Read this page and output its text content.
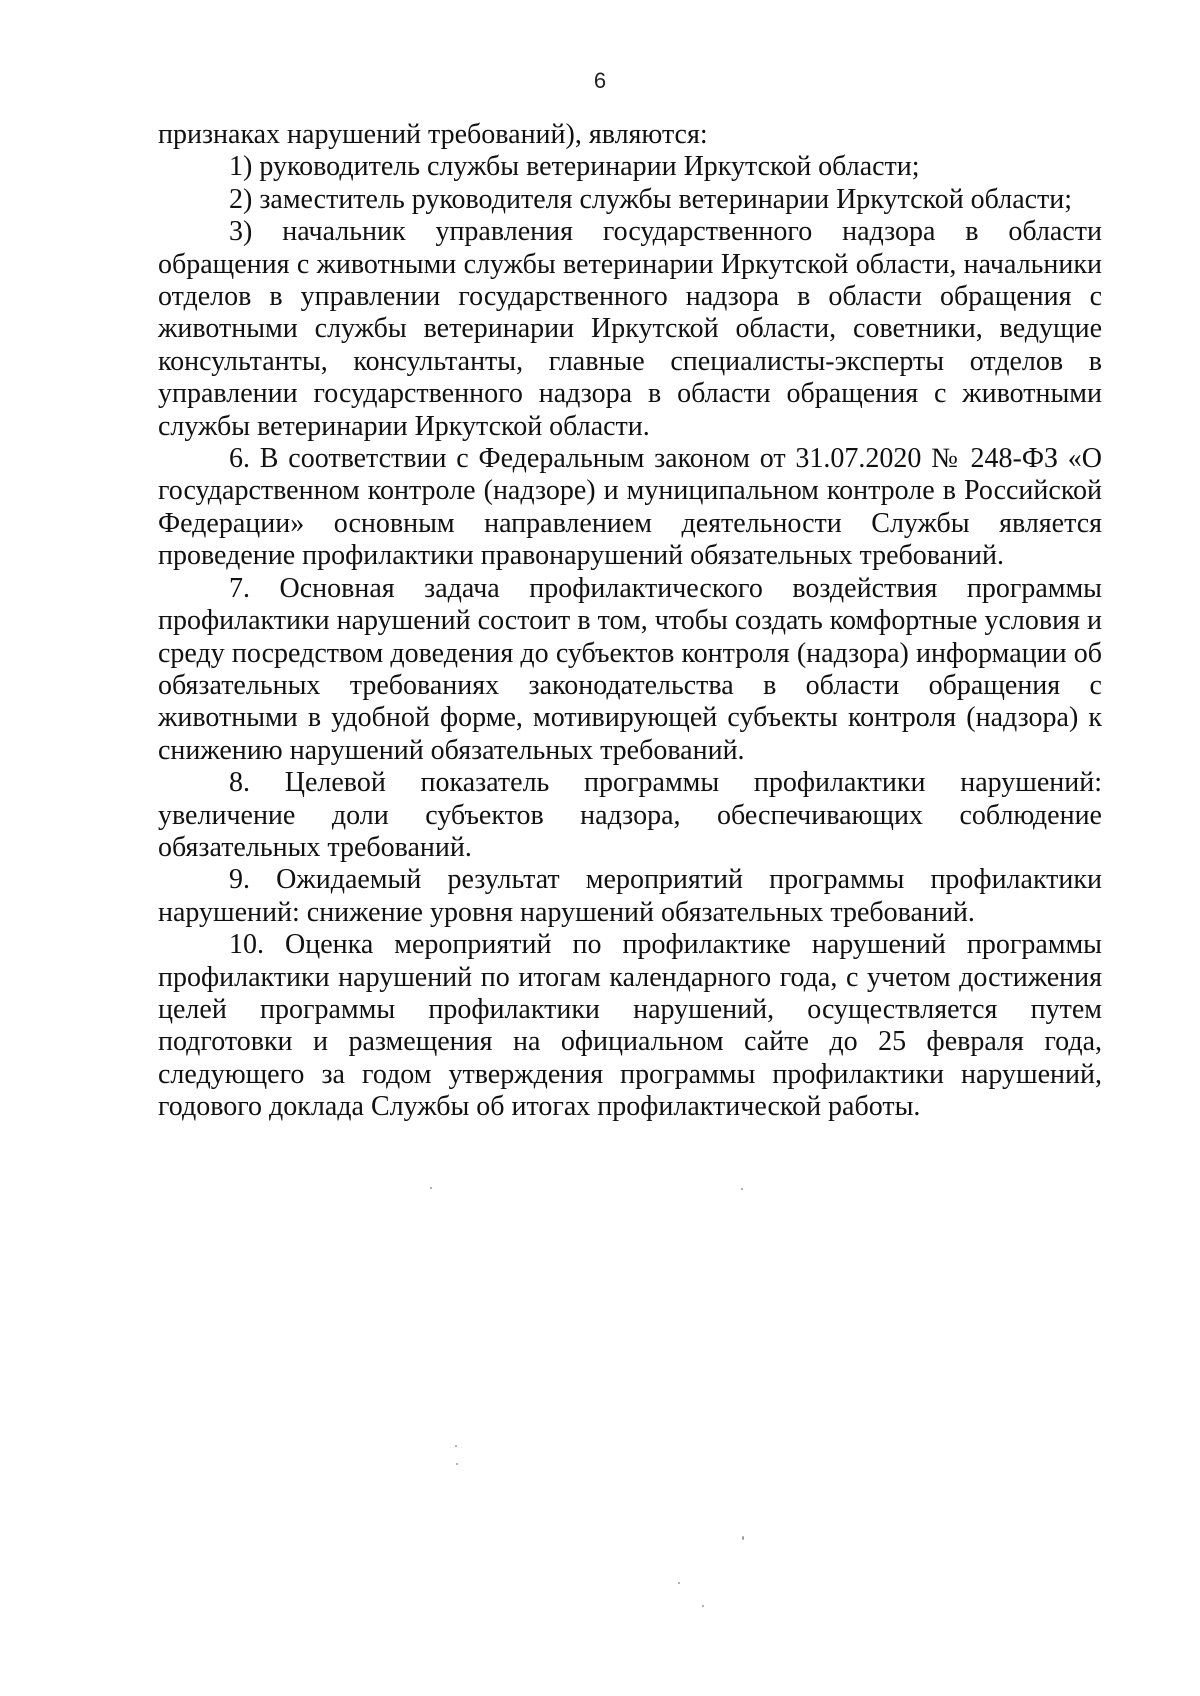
6

признаках нарушений требований), являются:

1) руководитель службы ветеринарии Иркутской области;

2) заместитель руководителя службы ветеринарии Иркутской области;

3) начальник управления государственного надзора в области обращения с животными службы ветеринарии Иркутской области, начальники отделов в управлении государственного надзора в области обращения с животными службы ветеринарии Иркутской области, советники, ведущие консультанты, консультанты, главные специалисты-эксперты отделов в управлении государственного надзора в области обращения с животными службы ветеринарии Иркутской области.

6. В соответствии с Федеральным законом от 31.07.2020 № 248-ФЗ «О государственном контроле (надзоре) и муниципальном контроле в Российской Федерации» основным направлением деятельности Службы является проведение профилактики правонарушений обязательных требований.

7. Основная задача профилактического воздействия программы профилактики нарушений состоит в том, чтобы создать комфортные условия и среду посредством доведения до субъектов контроля (надзора) информации об обязательных требованиях законодательства в области обращения с животными в удобной форме, мотивирующей субъекты контроля (надзора) к снижению нарушений обязательных требований.

8. Целевой показатель программы профилактики нарушений: увеличение доли субъектов надзора, обеспечивающих соблюдение обязательных требований.

9. Ожидаемый результат мероприятий программы профилактики нарушений: снижение уровня нарушений обязательных требований.

10. Оценка мероприятий по профилактике нарушений программы профилактики нарушений по итогам календарного года, с учетом достижения целей программы профилактики нарушений, осуществляется путем подготовки и размещения на официальном сайте до 25 февраля года, следующего за годом утверждения программы профилактики нарушений, годового доклада Службы об итогах профилактической работы.
